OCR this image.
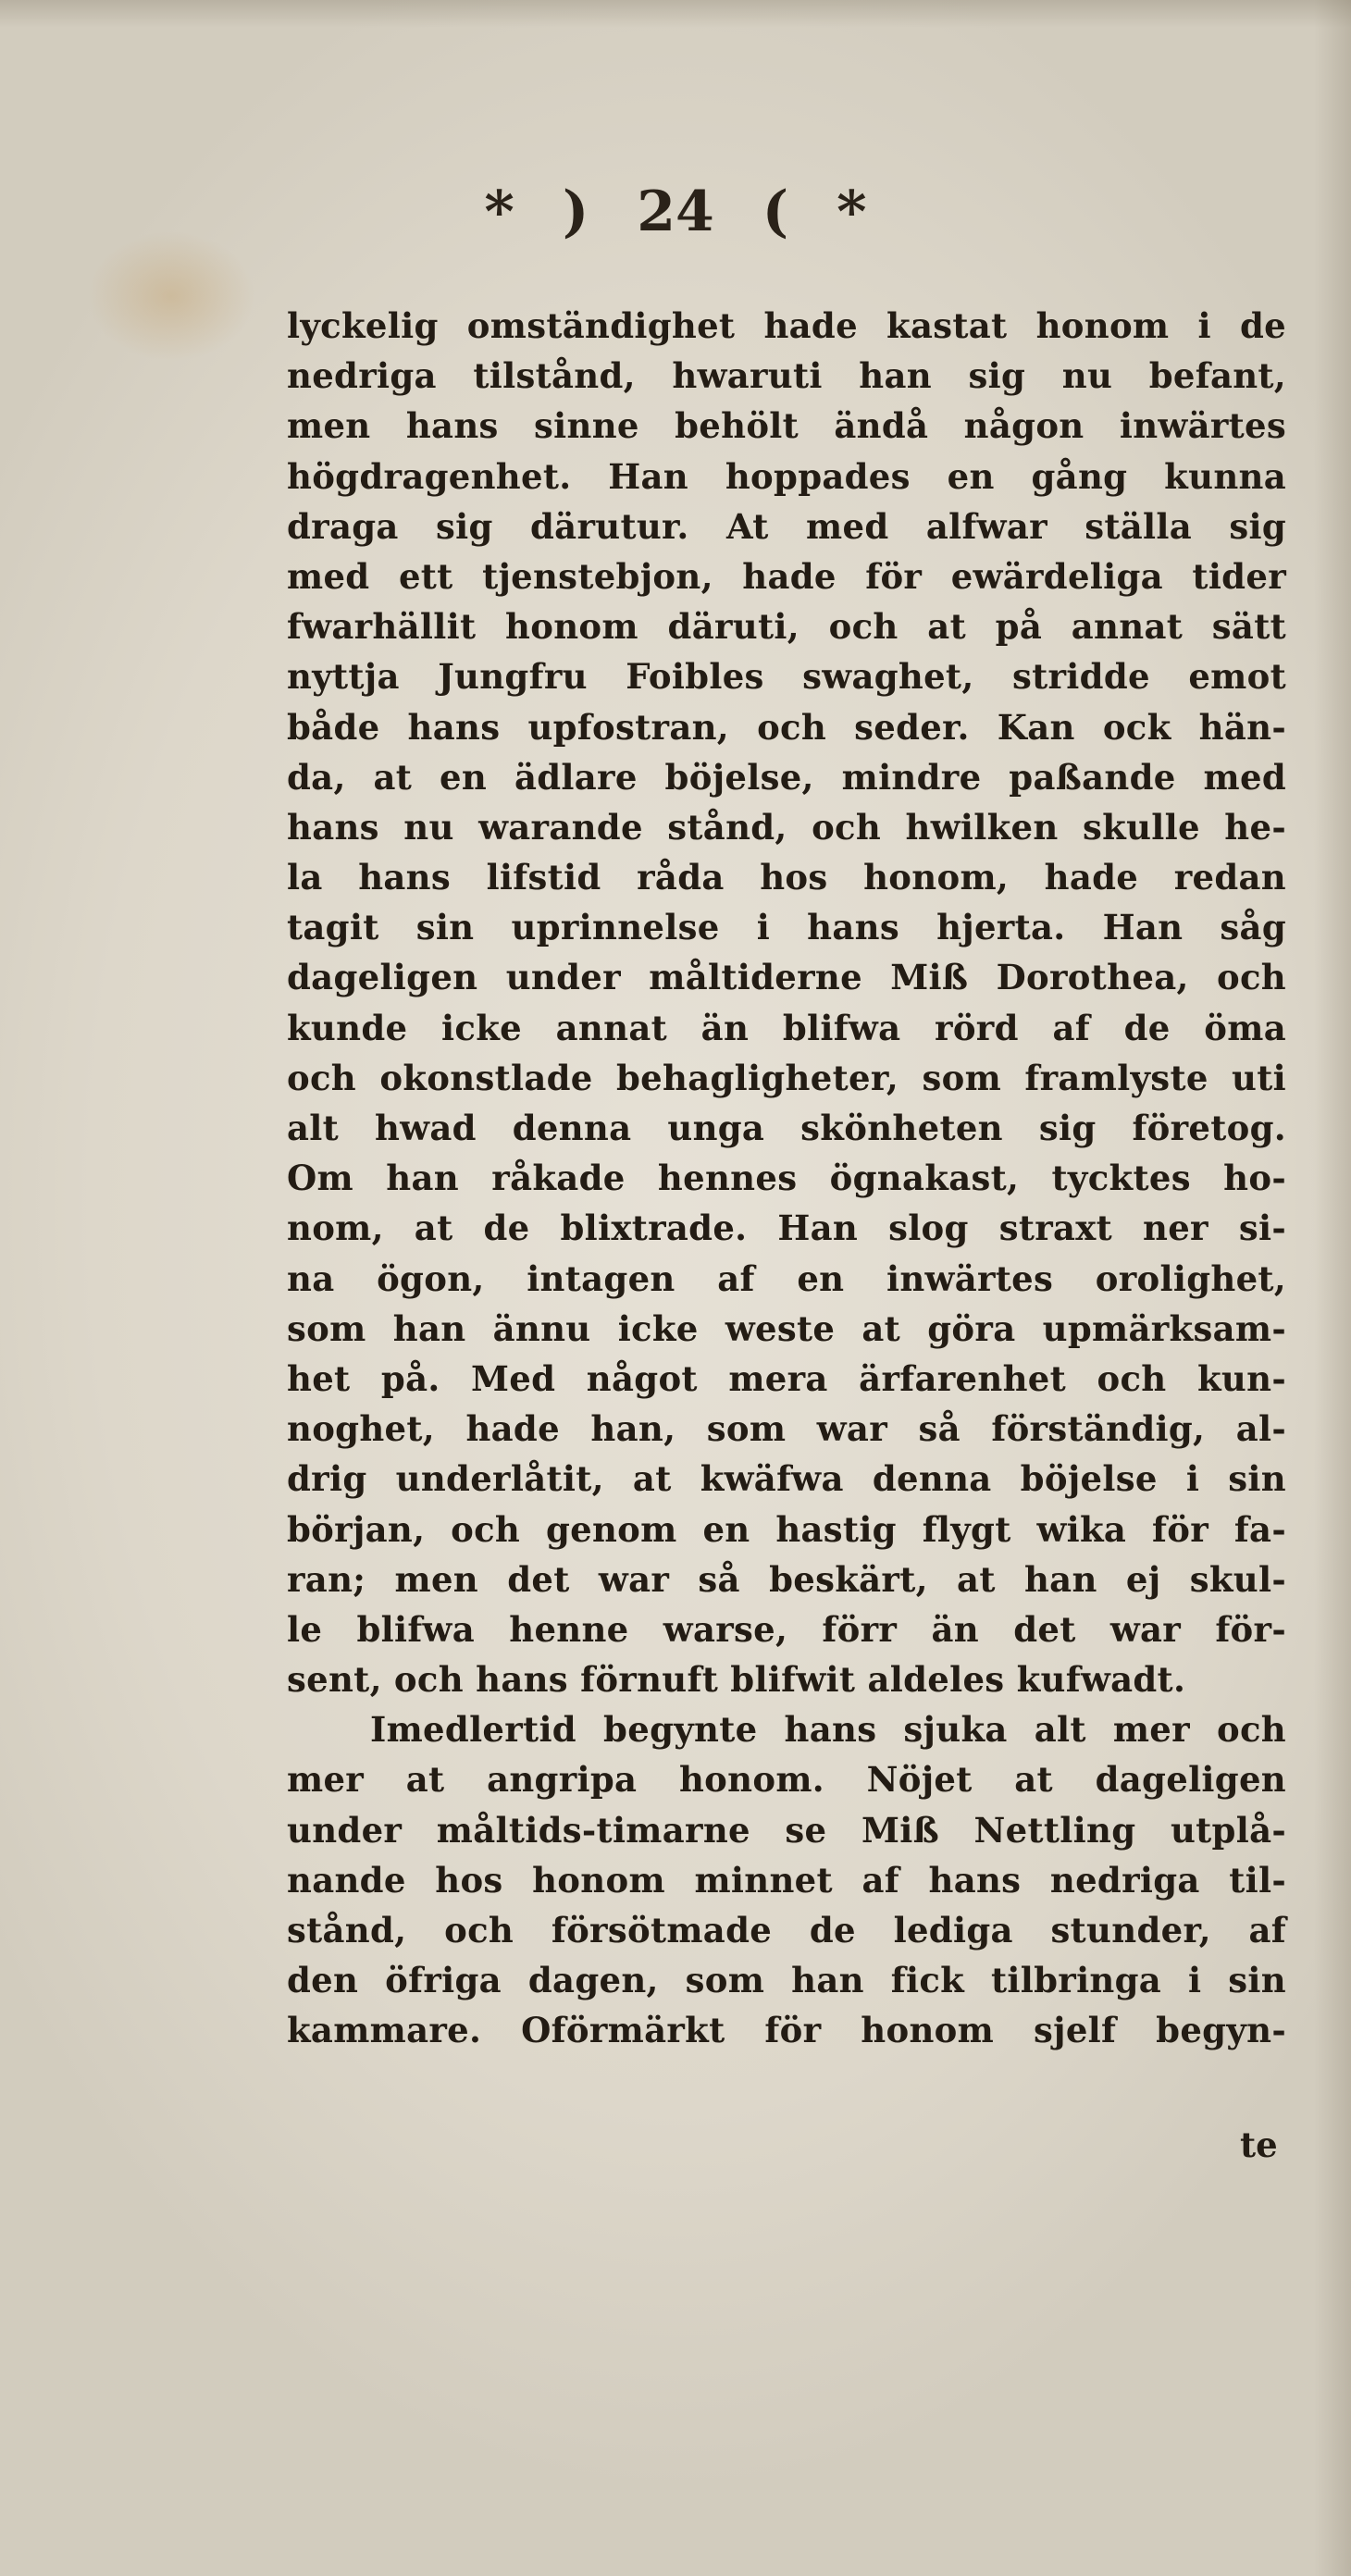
* ) 24 ( *
lyckelig omständighet hade kastat honom i de
nedriga tilstånd, hwaruti han sig nu befant,
men hans sinne behölt ändå någon inwärtes
högdragenhet. Han hoppades en gång kunna
draga sig därutur. At med alfwar ställa sig
med ett tjenstebjon, hade för ewärdeliga tider
fwarhällit honom däruti, och at på annat sätt
nyttja Jungfru Foibles swaghet, stridde emot
både hans upfostran, och seder. Kan ock hän-
da, at en ädlare böjelse, mindre paßande med
hans nu warande stånd, och hwilken skulle he-
la hans lifstid råda hos honom, hade redan
tagit sin uprinnelse i hans hjerta. Han såg
dageligen under måltiderne Miß Dorothea, och
kunde icke annat än blifwa rörd af de öma
och okonstlade behagligheter, som framlyste uti
alt hwad denna unga skönheten sig företog.
Om han råkade hennes ögnakast, tycktes ho-
nom, at de blixtrade. Han slog straxt ner si-
na ögon, intagen af en inwärtes orolighet,
som han ännu icke weste at göra upmärksam-
het på. Med något mera ärfarenhet och kun-
noghet, hade han, som war så förständig, al-
drig underlåtit, at kwäfwa denna böjelse i sin
början, och genom en hastig flygt wika för fa-
ran; men det war så beskärt, at han ej skul-
le blifwa henne warse, förr än det war för-
sent, och hans förnuft blifwit aldeles kufwadt.
Imedlertid begynte hans sjuka alt mer och
mer at angripa honom. Nöjet at dageligen
under måltids-timarne se Miß Nettling utplå-
nande hos honom minnet af hans nedriga til-
stånd, och försötmade de lediga stunder, af
den öfriga dagen, som han fick tilbringa i sin
kammare. Oförmärkt för honom sjelf begyn-
te
